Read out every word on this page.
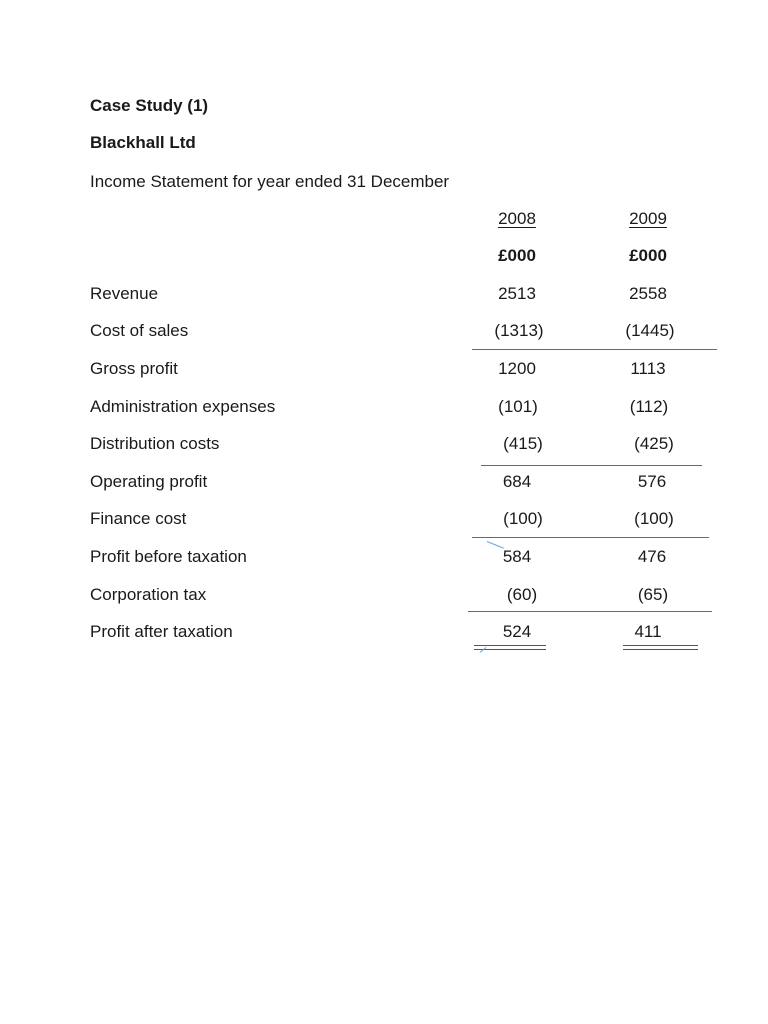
Case Study (1)
Blackhall Ltd
Income Statement for year ended 31 December
2008	2009
£000	£000
Revenue	2513	2558
Cost of sales	(1313)	(1445)
Gross profit	1200	1113
Administration expenses	(101)	(112)
Distribution costs	(415)	(425)
Operating profit	684	576
Finance cost	(100)	(100)
Profit before taxation	584	476
Corporation tax	(60)	(65)
Profit after taxation	524	411
